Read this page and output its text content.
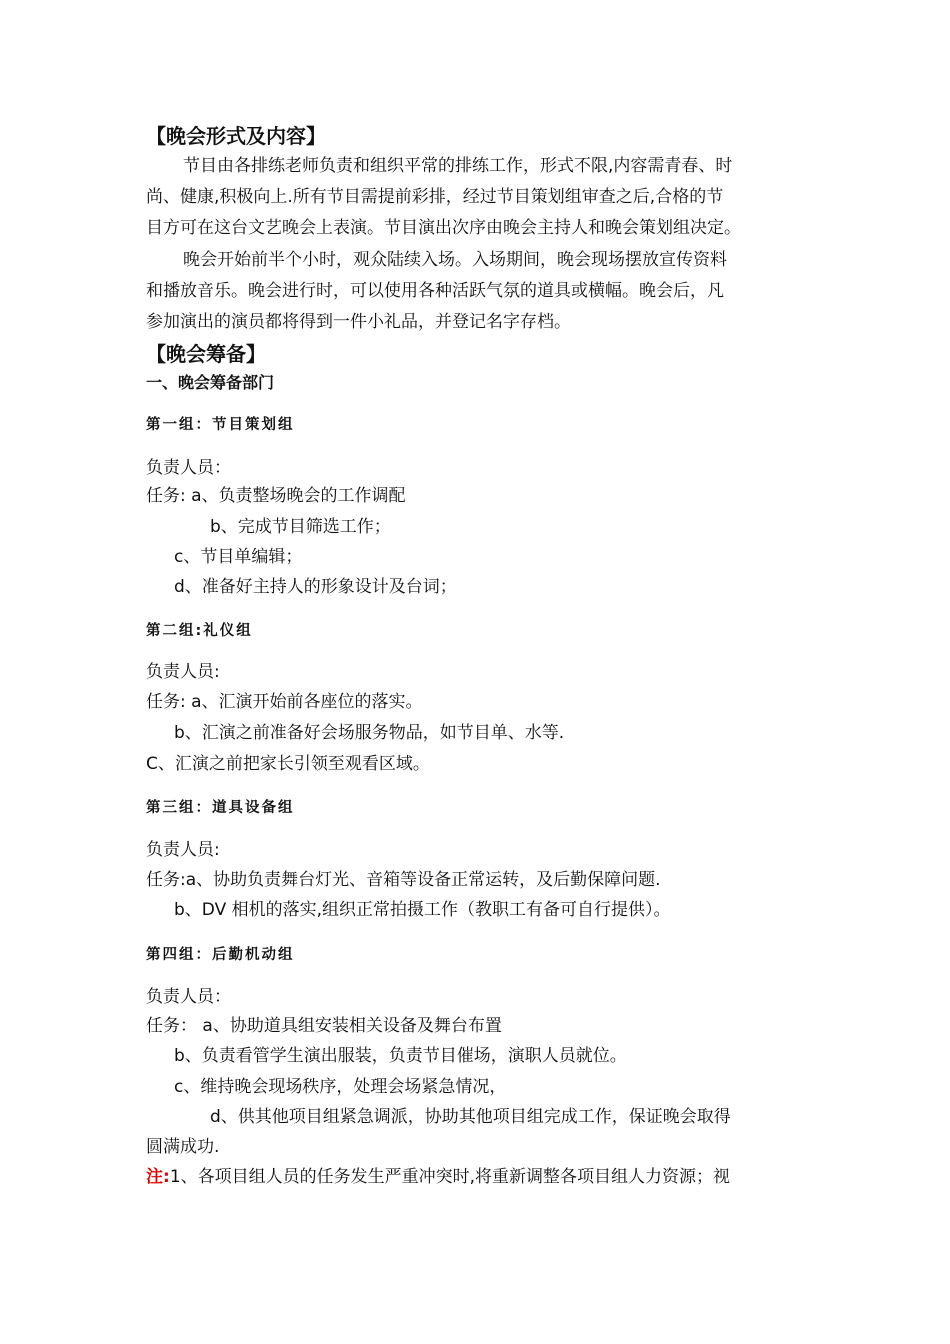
【晚会形式及内容】
节目由各排练老师负责和组织平常的排练工作，形式不限,内容需青春、时
尚、健康,积极向上.所有节目需提前彩排，经过节目策划组审查之后,合格的节
目方可在这台文艺晚会上表演。节目演出次序由晚会主持人和晚会策划组决定。
晚会开始前半个小时，观众陆续入场。入场期间，晚会现场摆放宣传资料
和播放音乐。晚会进行时，可以使用各种活跃气氛的道具或横幅。晚会后，凡
参加演出的演员都将得到一件小礼品，并登记名字存档。
【晚会筹备】
一、晚会筹备部门
第一组：节目策划组
负责人员：
任务: a、负责整场晚会的工作调配
b、完成节目筛选工作；
c、节目单编辑；
d、准备好主持人的形象设计及台词；
第二组:礼仪组
负责人员:
任务: a、汇演开始前各座位的落实。
b、汇演之前准备好会场服务物品，如节目单、水等.
C、汇演之前把家长引领至观看区域。
第三组：道具设备组
负责人员:
任务:a、协助负责舞台灯光、音箱等设备正常运转，及后勤保障问题.
b、DV 相机的落实,组织正常拍摄工作（教职工有备可自行提供）。
第四组：后勤机动组
负责人员：
任务： a、协助道具组安装相关设备及舞台布置
b、负责看管学生演出服装，负责节目催场，演职人员就位。
c、维持晚会现场秩序，处理会场紧急情况，
d、供其他项目组紧急调派，协助其他项目组完成工作，保证晚会取得
圆满成功.
注:1、各项目组人员的任务发生严重冲突时,将重新调整各项目组人力资源；视
